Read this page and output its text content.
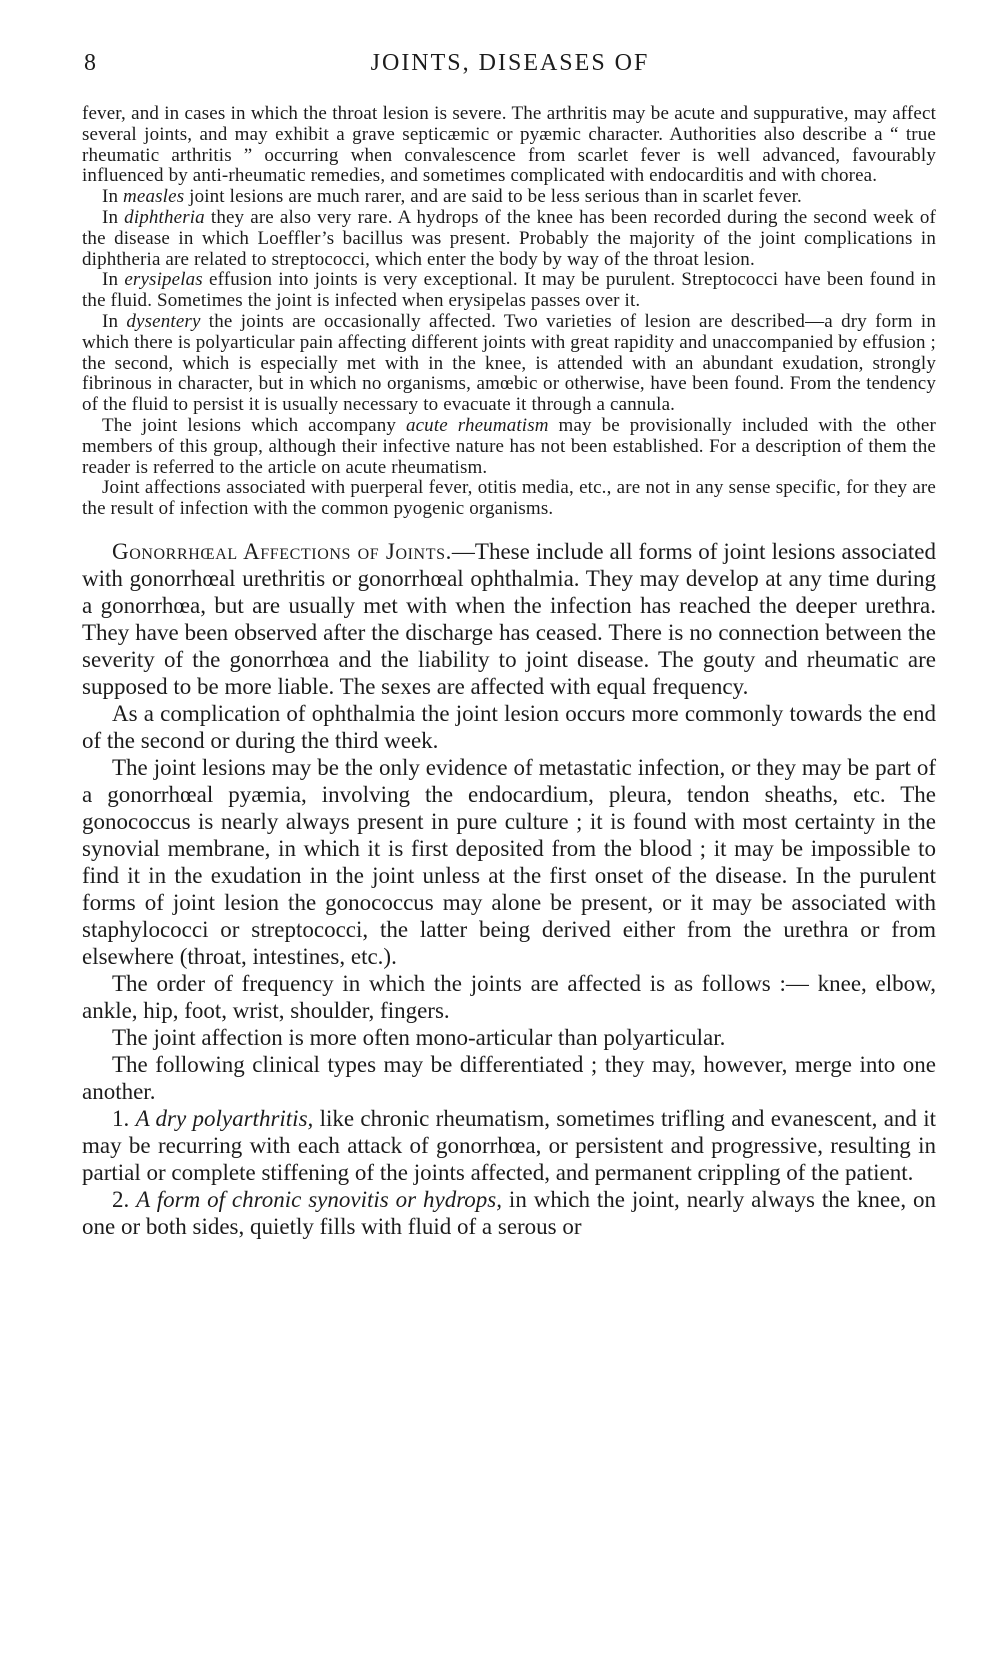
8	JOINTS, DISEASES OF

fever, and in cases in which the throat lesion is severe. The arthritis may be acute and suppurative, may affect several joints, and may exhibit a grave septicæmic or pyæmic character. Authorities also describe a “ true rheumatic arthritis ” occurring when convalescence from scarlet fever is well advanced, favourably influenced by anti-rheumatic remedies, and sometimes complicated with endocarditis and with chorea.

In measles joint lesions are much rarer, and are said to be less serious than in scarlet fever.

In diphtheria they are also very rare. A hydrops of the knee has been recorded during the second week of the disease in which Loeffler’s bacillus was present. Probably the majority of the joint complications in diphtheria are related to streptococci, which enter the body by way of the throat lesion.

In erysipelas effusion into joints is very exceptional. It may be purulent. Streptococci have been found in the fluid. Sometimes the joint is infected when erysipelas passes over it.

In dysentery the joints are occasionally affected. Two varieties of lesion are described—a dry form in which there is polyarticular pain affecting different joints with great rapidity and unaccompanied by effusion ; the second, which is especially met with in the knee, is attended with an abundant exudation, strongly fibrinous in character, but in which no organisms, amœbic or otherwise, have been found. From the tendency of the fluid to persist it is usually necessary to evacuate it through a cannula.

The joint lesions which accompany acute rheumatism may be provisionally included with the other members of this group, although their infective nature has not been established. For a description of them the reader is referred to the article on acute rheumatism.

Joint affections associated with puerperal fever, otitis media, etc., are not in any sense specific, for they are the result of infection with the common pyogenic organisms.

Gonorrhœal Affections of Joints.—These include all forms of joint lesions associated with gonorrhœal urethritis or gonorrhœal ophthalmia. They may develop at any time during a gonorrhœa, but are usually met with when the infection has reached the deeper urethra. They have been observed after the discharge has ceased. There is no connection between the severity of the gonorrhœa and the liability to joint disease. The gouty and rheumatic are supposed to be more liable. The sexes are affected with equal frequency.

As a complication of ophthalmia the joint lesion occurs more commonly towards the end of the second or during the third week.

The joint lesions may be the only evidence of metastatic infection, or they may be part of a gonorrhœal pyæmia, involving the endocardium, pleura, tendon sheaths, etc. The gonococcus is nearly always present in pure culture ; it is found with most certainty in the synovial membrane, in which it is first deposited from the blood ; it may be impossible to find it in the exudation in the joint unless at the first onset of the disease. In the purulent forms of joint lesion the gonococcus may alone be present, or it may be associated with staphylococci or streptococci, the latter being derived either from the urethra or from elsewhere (throat, intestines, etc.).

The order of frequency in which the joints are affected is as follows :— knee, elbow, ankle, hip, foot, wrist, shoulder, fingers.

The joint affection is more often mono-articular than polyarticular.

The following clinical types may be differentiated ; they may, however, merge into one another.

1. A dry polyarthritis, like chronic rheumatism, sometimes trifling and evanescent, and it may be recurring with each attack of gonorrhœa, or persistent and progressive, resulting in partial or complete stiffening of the joints affected, and permanent crippling of the patient.

2. A form of chronic synovitis or hydrops, in which the joint, nearly always the knee, on one or both sides, quietly fills with fluid of a serous or
